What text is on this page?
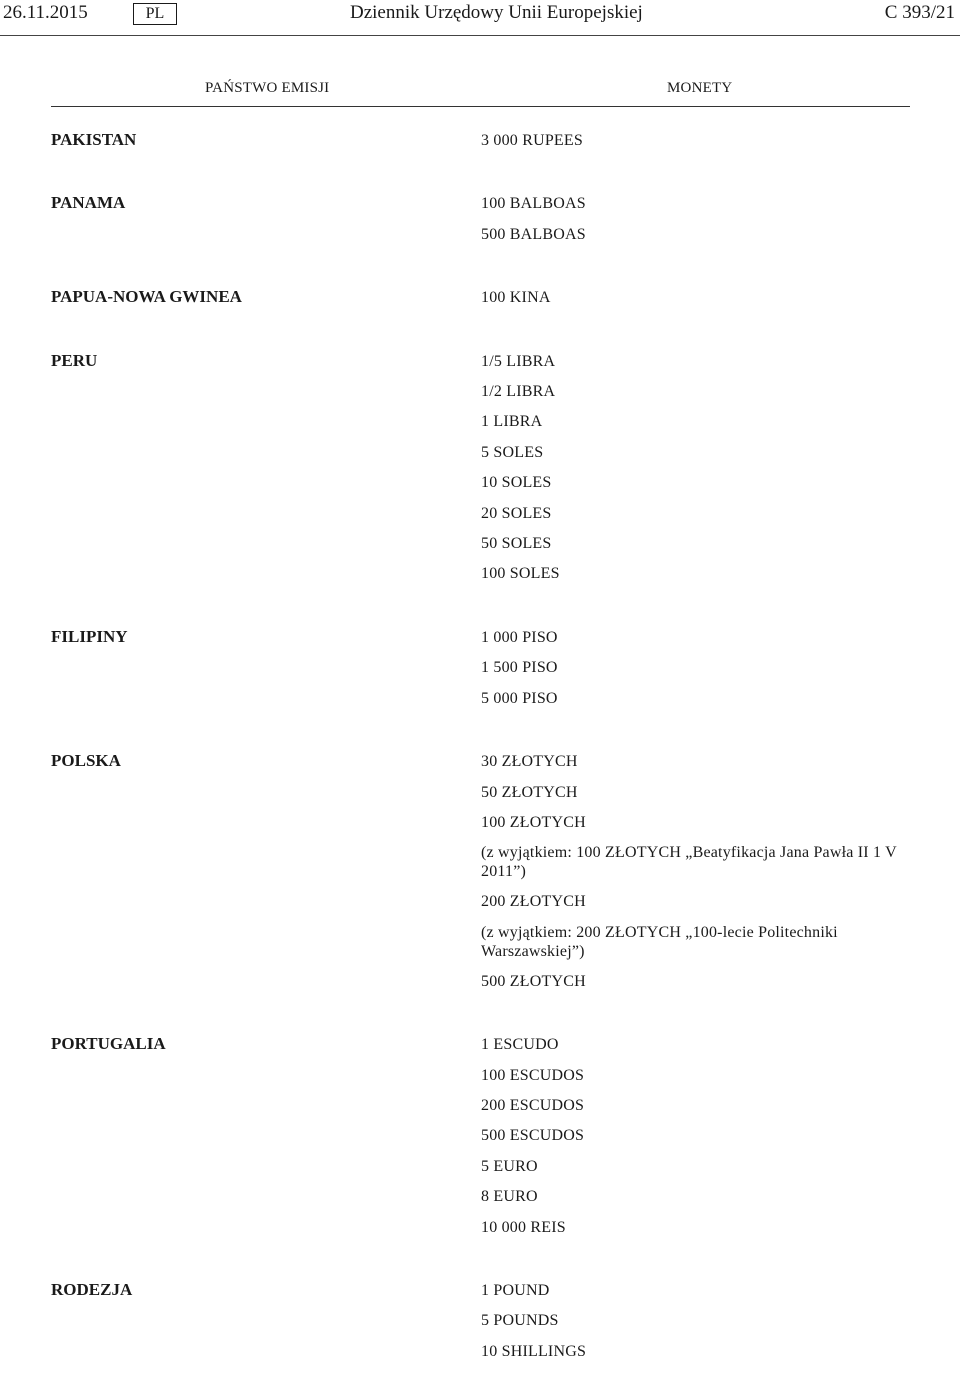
26.11.2015	PL	Dziennik Urzędowy Unii Europejskiej	C 393/21
PAŃSTWO EMISJI	MONETY
PAKISTAN	3 000 RUPEES
PANAMA	100 BALBOAS
500 BALBOAS
PAPUA-NOWA GWINEA	100 KINA
PERU	1/5 LIBRA
1/2 LIBRA
1 LIBRA
5 SOLES
10 SOLES
20 SOLES
50 SOLES
100 SOLES
FILIPINY	1 000 PISO
1 500 PISO
5 000 PISO
POLSKA	30 ZŁOTYCH
50 ZŁOTYCH
100 ZŁOTYCH
(z wyjątkiem: 100 ZŁOTYCH „Beatyfikacja Jana Pawła II 1 V 2011”)
200 ZŁOTYCH
(z wyjątkiem: 200 ZŁOTYCH „100-lecie Politechniki Warszawskiej”)
500 ZŁOTYCH
PORTUGALIA	1 ESCUDO
100 ESCUDOS
200 ESCUDOS
500 ESCUDOS
5 EURO
8 EURO
10 000 REIS
RODEZJA	1 POUND
5 POUNDS
10 SHILLINGS
